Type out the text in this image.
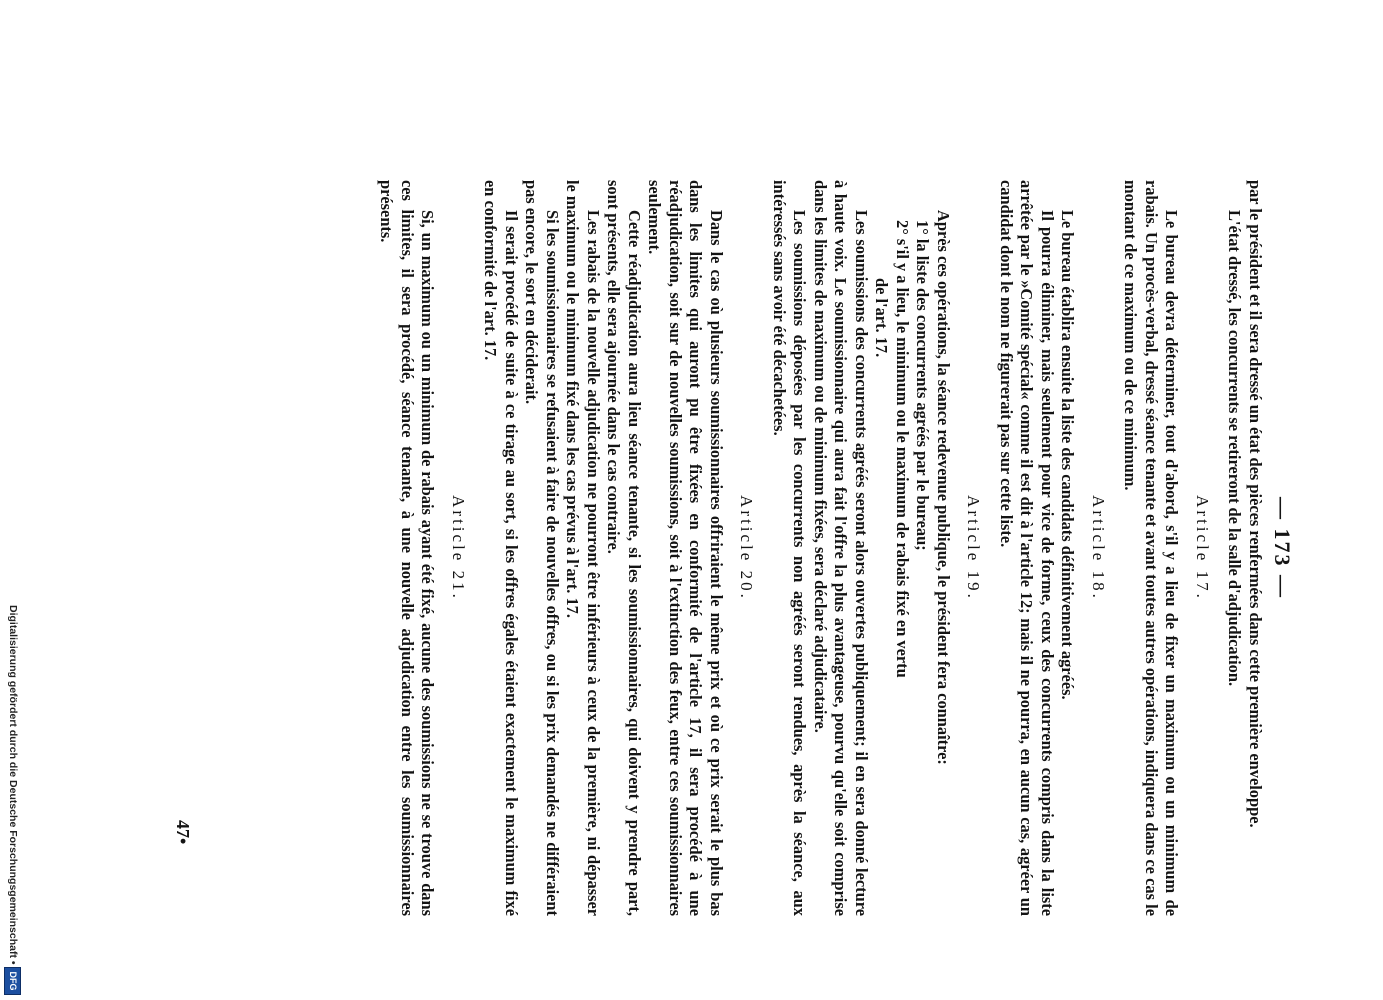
— 173 —

par le président et il sera dressé un état des pièces renfermées dans cette première enveloppe.

L'état dressé, les concurrents se retireront de la salle d'adjudication.

Article 17.

Le bureau devra déterminer, tout d'abord, s'il y a lieu de fixer un maximum ou un minimum de rabais. Un procès-verbal, dressé séance tenante et avant toutes autres opérations, indiquera dans ce cas le montant de ce maximum ou de ce minimum.

Article 18.

Le bureau établira ensuite la liste des candidats définitivement agréés.

Il pourra éliminer, mais seulement pour vice de forme, ceux des concurrents compris dans la liste arrêtée par le »Comité spécial« comme il est dit à l'article 12; mais il ne pourra, en aucun cas, agréer un candidat dont le nom ne figurerait pas sur cette liste.

Article 19.

Après ces opérations, la séance redevenue publique, le président fera connaître:

1° la liste des concurrents agréés par le bureau;

2° s'il y a lieu, le minimum ou le maximum de rabais fixé en vertu

de l'art. 17.

Les soumissions des concurrents agréés seront alors ouvertes publiquement; il en sera donné lecture à haute voix. Le soumissionnaire qui aura fait l'offre la plus avantageuse, pourvu qu'elle soit comprise dans les limites de maximum ou de minimum fixées, sera déclaré adjudicataire.

Les soumissions déposées par les concurrents non agréés seront rendues, après la séance, aux intéressés sans avoir été décachetées.

Article 20.

Dans le cas où plusieurs soumissionnaires offriraient le même prix et où ce prix serait le plus bas dans les limites qui auront pu être fixées en conformité de l'article 17, il sera procédé à une réadjudication, soit sur de nouvelles soumissions, soit à l'extinction des feux, entre ces soumissionnaires seulement.

Cette réadjudication aura lieu séance tenante, si les soumissionnaires, qui doivent y prendre part, sont présents, elle sera ajournée dans le cas contraire.

Les rabais de la nouvelle adjudication ne pourront être inférieurs à ceux de la première, ni dépasser le maximum ou le minimum fixé dans les cas prévus à l'art. 17.

Si les soumissionnaires se refusaient à faire de nouvelles offres, ou si les prix demandés ne différaient pas encore, le sort en déciderait.

Il serait procédé de suite à ce tirage au sort, si les offres égales étaient exactement le maximum fixé en conformité de l'art. 17.

Article 21.

Si, un maximum ou un minimum de rabais ayant été fixé, aucune des soumissions ne se trouve dans ces limites, il sera procédé, séance tenante, à une nouvelle adjudication entre les soumissionnaires présents.

47•
Digitalisierung gefördert durch die Deutsche Forschungsgemeinschaft •
DFG
